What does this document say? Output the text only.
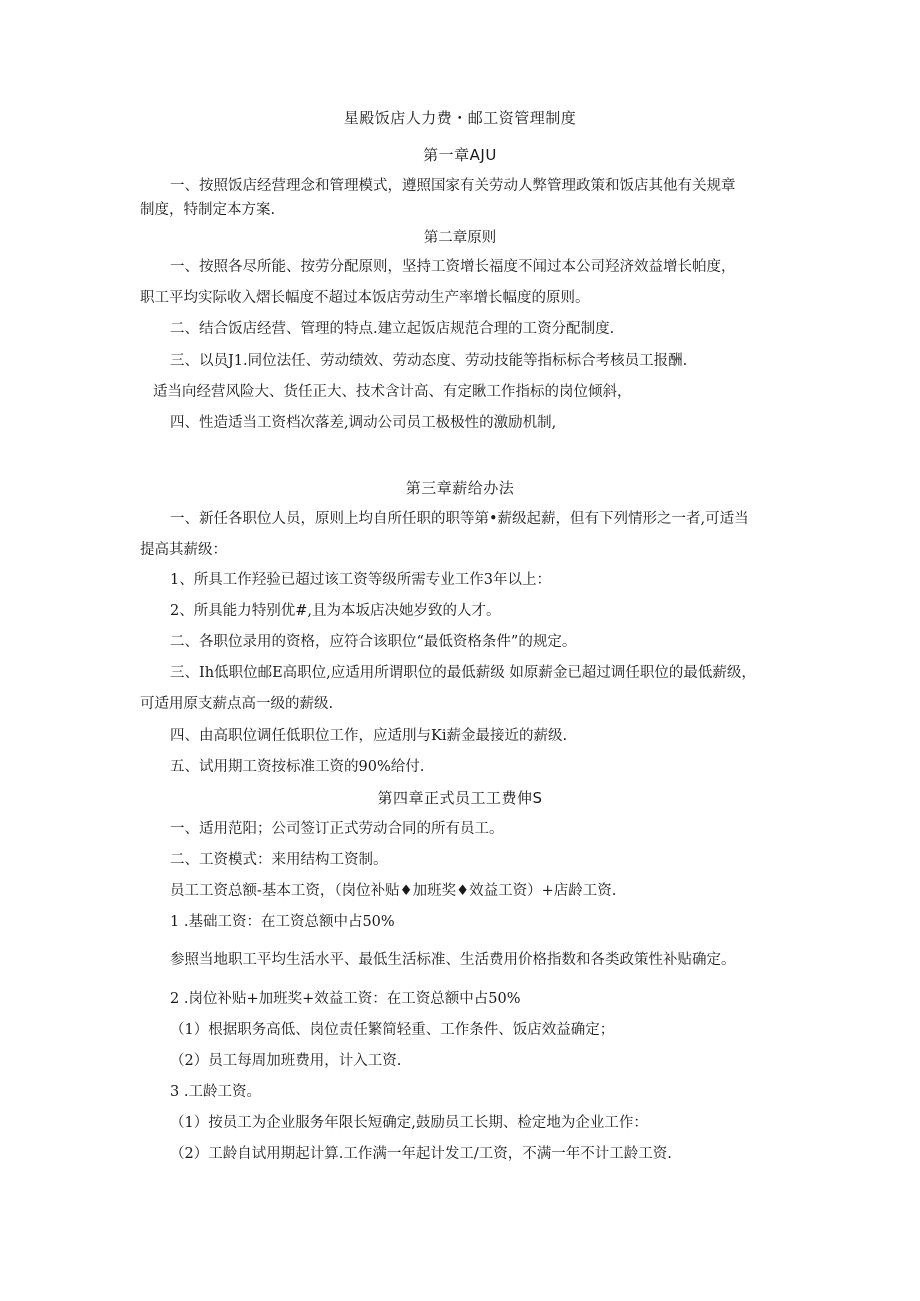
星殿饭店人力费・邮工资管理制度
第一章AJU
一、按照饭店经营理念和管理模式，遵照国家有关劳动人弊管理政策和饭店其他有关规章
制度，特制定本方案.
第二章原则
一、按照各尽所能、按劳分配原则，坚持工资增长福度不闻过本公司羟济效益增长帕度，
职工平均实际收入熠长幅度不超过本饭店劳动生产率增长幅度的原则。
二、结合饭店经营、管理的特点.建立起饭店规范合理的工资分配制度.
三、以员J1.同位法任、劳动绩效、劳动态度、劳动技能等指标标合考核员工报酬.
适当向经营风险大、货任正大、技术含计高、有定瞅工作指标的岗位倾斜，
四、性造适当工资档次落差,调动公司员工极极性的激励机制,
第三章薪给办法
一、新任各职位人员，原则上均自所任职的职等第•薪级起薪，但有下列情形之一者,可适当
提高其薪级：
1、所具工作羟验已超过该工资等级所需专业工作3年以上：
2、所具能力特别优#,且为本坂店决她岁致的人才。
二、各职位录用的资格，应符合该职位“最低资格条件”的规定。
三、Ih低职位邮E高职位,应适用所谓职位的最低薪级 如原薪金已超过调任职位的最低薪级，
可适用原支薪点高一级的薪级.
四、由高职位调任低职位工作，应适刖与Ki薪金最接近的薪级.
五、试用期工资按标准工资的90%给付.
第四章正式员工工费伸S
一、适用范阳；公司签订正式劳动合同的所有员工。
二、工资模式：来用结构工资制。
员工工资总额-基本工资，（岗位补贴♦加班奖♦效益工资）+店龄工资.
1 .基础工资：在工资总额中占50%
参照当地职工平均生活水平、最低生活标准、生活费用价格指数和各类政策性补贴确定。
2 .岗位补贴+加班奖+效益工资：在工资总额中占50%
（1）根据职务高低、岗位责任繁简轻重、工作条件、饭店效益确定；
（2）员工每周加班费用，计入工资.
3 .工龄工资。
（1）按员工为企业服务年限长短确定,鼓励员工长期、检定地为企业工作：
（2）工龄自试用期起计算.工作满一年起计发工/工资，不满一年不计工龄工资.
